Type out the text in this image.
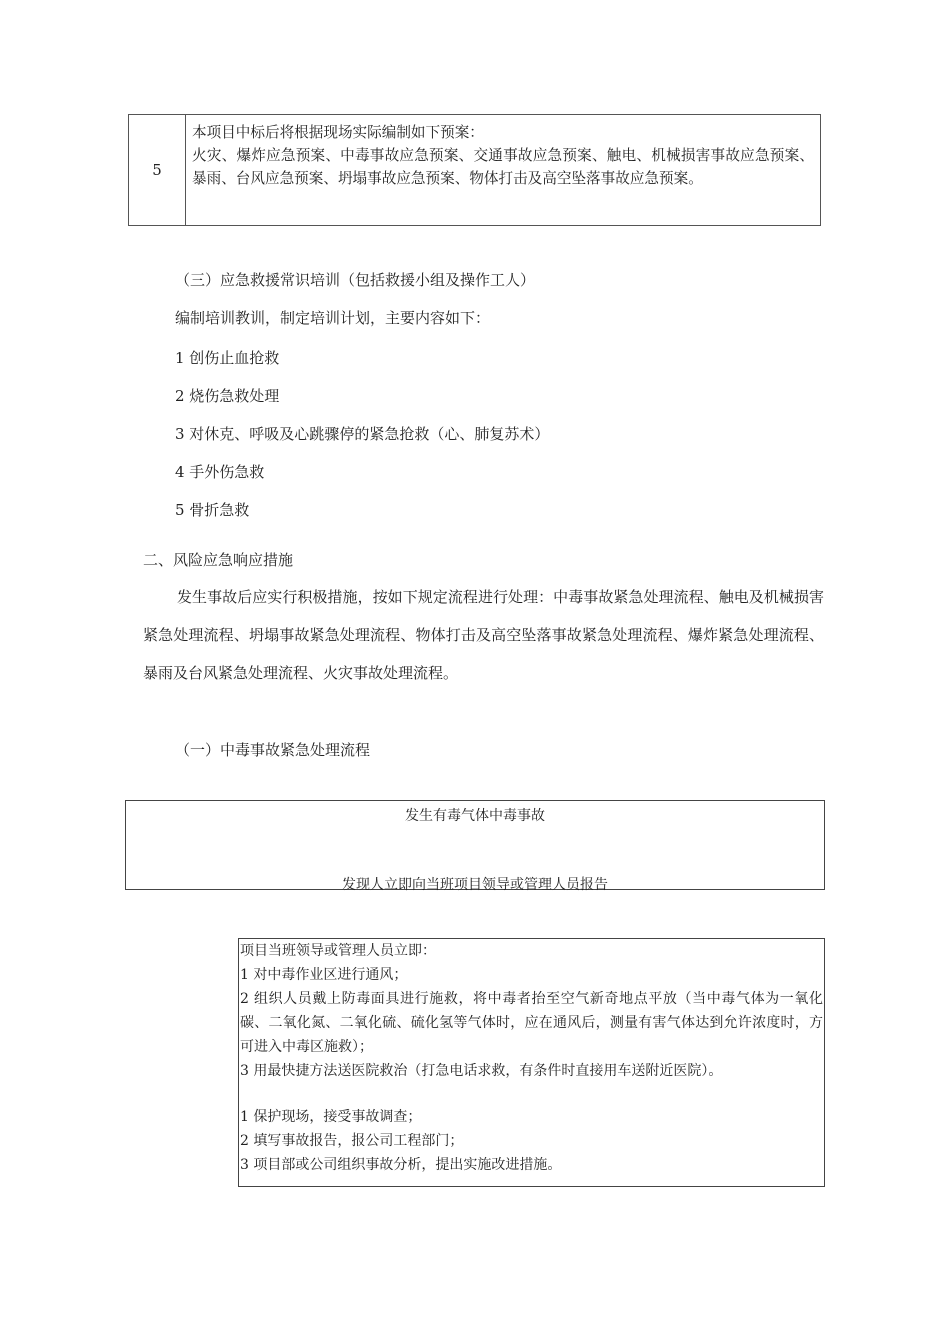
5
本项目中标后将根据现场实际编制如下预案：
火灾、爆炸应急预案、中毒事故应急预案、交通事故应急预案、触电、机械损害事故应急预案、暴雨、台风应急预案、坍塌事故应急预案、物体打击及高空坠落事故应急预案。
（三）应急救援常识培训（包括救援小组及操作工人）
编制培训教训，制定培训计划，主要内容如下：
1 创伤止血抢救
2 烧伤急救处理
3 对休克、呼吸及心跳骤停的紧急抢救（心、肺复苏术）
4 手外伤急救
5 骨折急救
二、风险应急响应措施
发生事故后应实行积极措施，按如下规定流程进行处理：中毒事故紧急处理流程、触电及机械损害紧急处理流程、坍塌事故紧急处理流程、物体打击及高空坠落事故紧急处理流程、爆炸紧急处理流程、暴雨及台风紧急处理流程、火灾事故处理流程。
（一）中毒事故紧急处理流程
发生有毒气体中毒事故
发现人立即向当班项目领导或管理人员报告
项目当班领导或管理人员立即：
1 对中毒作业区进行通风；
2 组织人员戴上防毒面具进行施救，将中毒者抬至空气新奇地点平放（当中毒气体为一氧化碳、二氧化氮、二氧化硫、硫化氢等气体时，应在通风后，测量有害气体达到允许浓度时，方可进入中毒区施救）；
3 用最快捷方法送医院救治（打急电话求救，有条件时直接用车送附近医院）。
1 保护现场，接受事故调查；
2 填写事故报告，报公司工程部门；
3 项目部或公司组织事故分析，提出实施改进措施。
